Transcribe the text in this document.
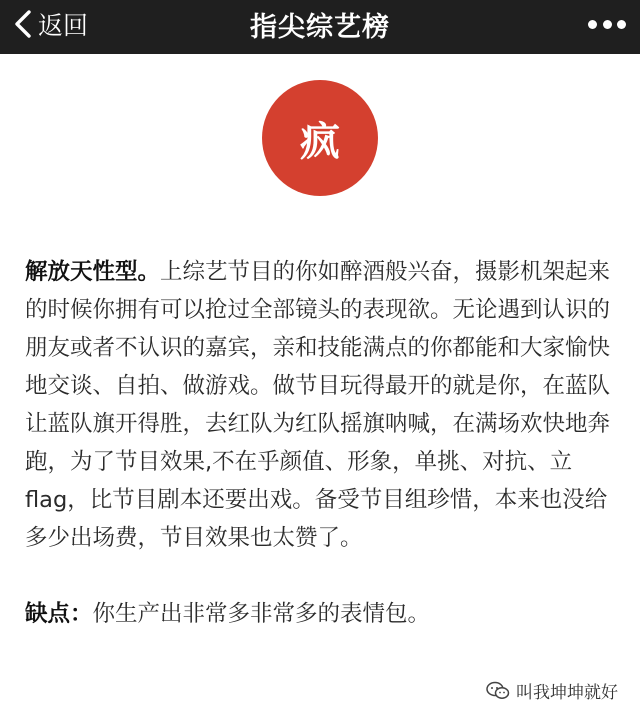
返回	指尖综艺榜
疯

解放天性型。上综艺节目的你如醉酒般兴奋，摄影机架起来的时候你拥有可以抢过全部镜头的表现欲。无论遇到认识的朋友或者不认识的嘉宾，亲和技能满点的你都能和大家愉快地交谈、自拍、做游戏。做节目玩得最开的就是你，在蓝队让蓝队旗开得胜，去红队为红队摇旗呐喊，在满场欢快地奔跑，为了节目效果,不在乎颜值、形象，单挑、对抗、立 flag，比节目剧本还要出戏。备受节目组珍惜，本来也没给多少出场费，节目效果也太赞了。

缺点：你生产出非常多非常多的表情包。

叫我坤坤就好
